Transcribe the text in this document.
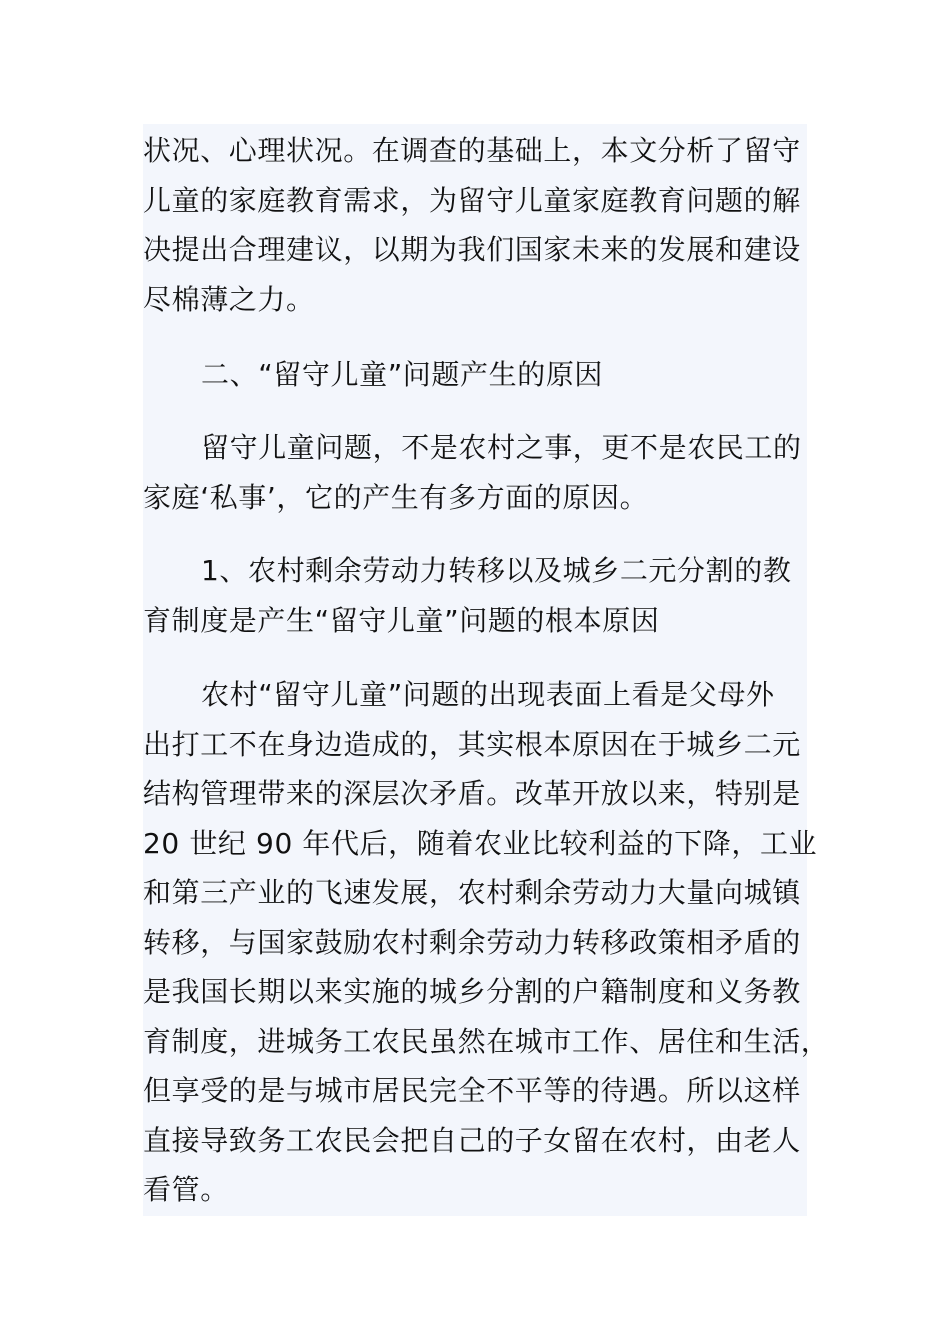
状况、心理状况。在调查的基础上，本文分析了留守
儿童的家庭教育需求，为留守儿童家庭教育问题的解
决提出合理建议，以期为我们国家未来的发展和建设
尽棉薄之力。
二、“留守儿童”问题产生的原因
留守儿童问题，不是农村之事，更不是农民工的
家庭‘私事’，它的产生有多方面的原因。
1、农村剩余劳动力转移以及城乡二元分割的教
育制度是产生“留守儿童”问题的根本原因
农村“留守儿童”问题的出现表面上看是父母外
出打工不在身边造成的，其实根本原因在于城乡二元
结构管理带来的深层次矛盾。改革开放以来，特别是
20 世纪 90 年代后，随着农业比较利益的下降，工业
和第三产业的飞速发展，农村剩余劳动力大量向城镇
转移，与国家鼓励农村剩余劳动力转移政策相矛盾的
是我国长期以来实施的城乡分割的户籍制度和义务教
育制度，进城务工农民虽然在城市工作、居住和生活，
但享受的是与城市居民完全不平等的待遇。所以这样
直接导致务工农民会把自己的子女留在农村，由老人
看管。
